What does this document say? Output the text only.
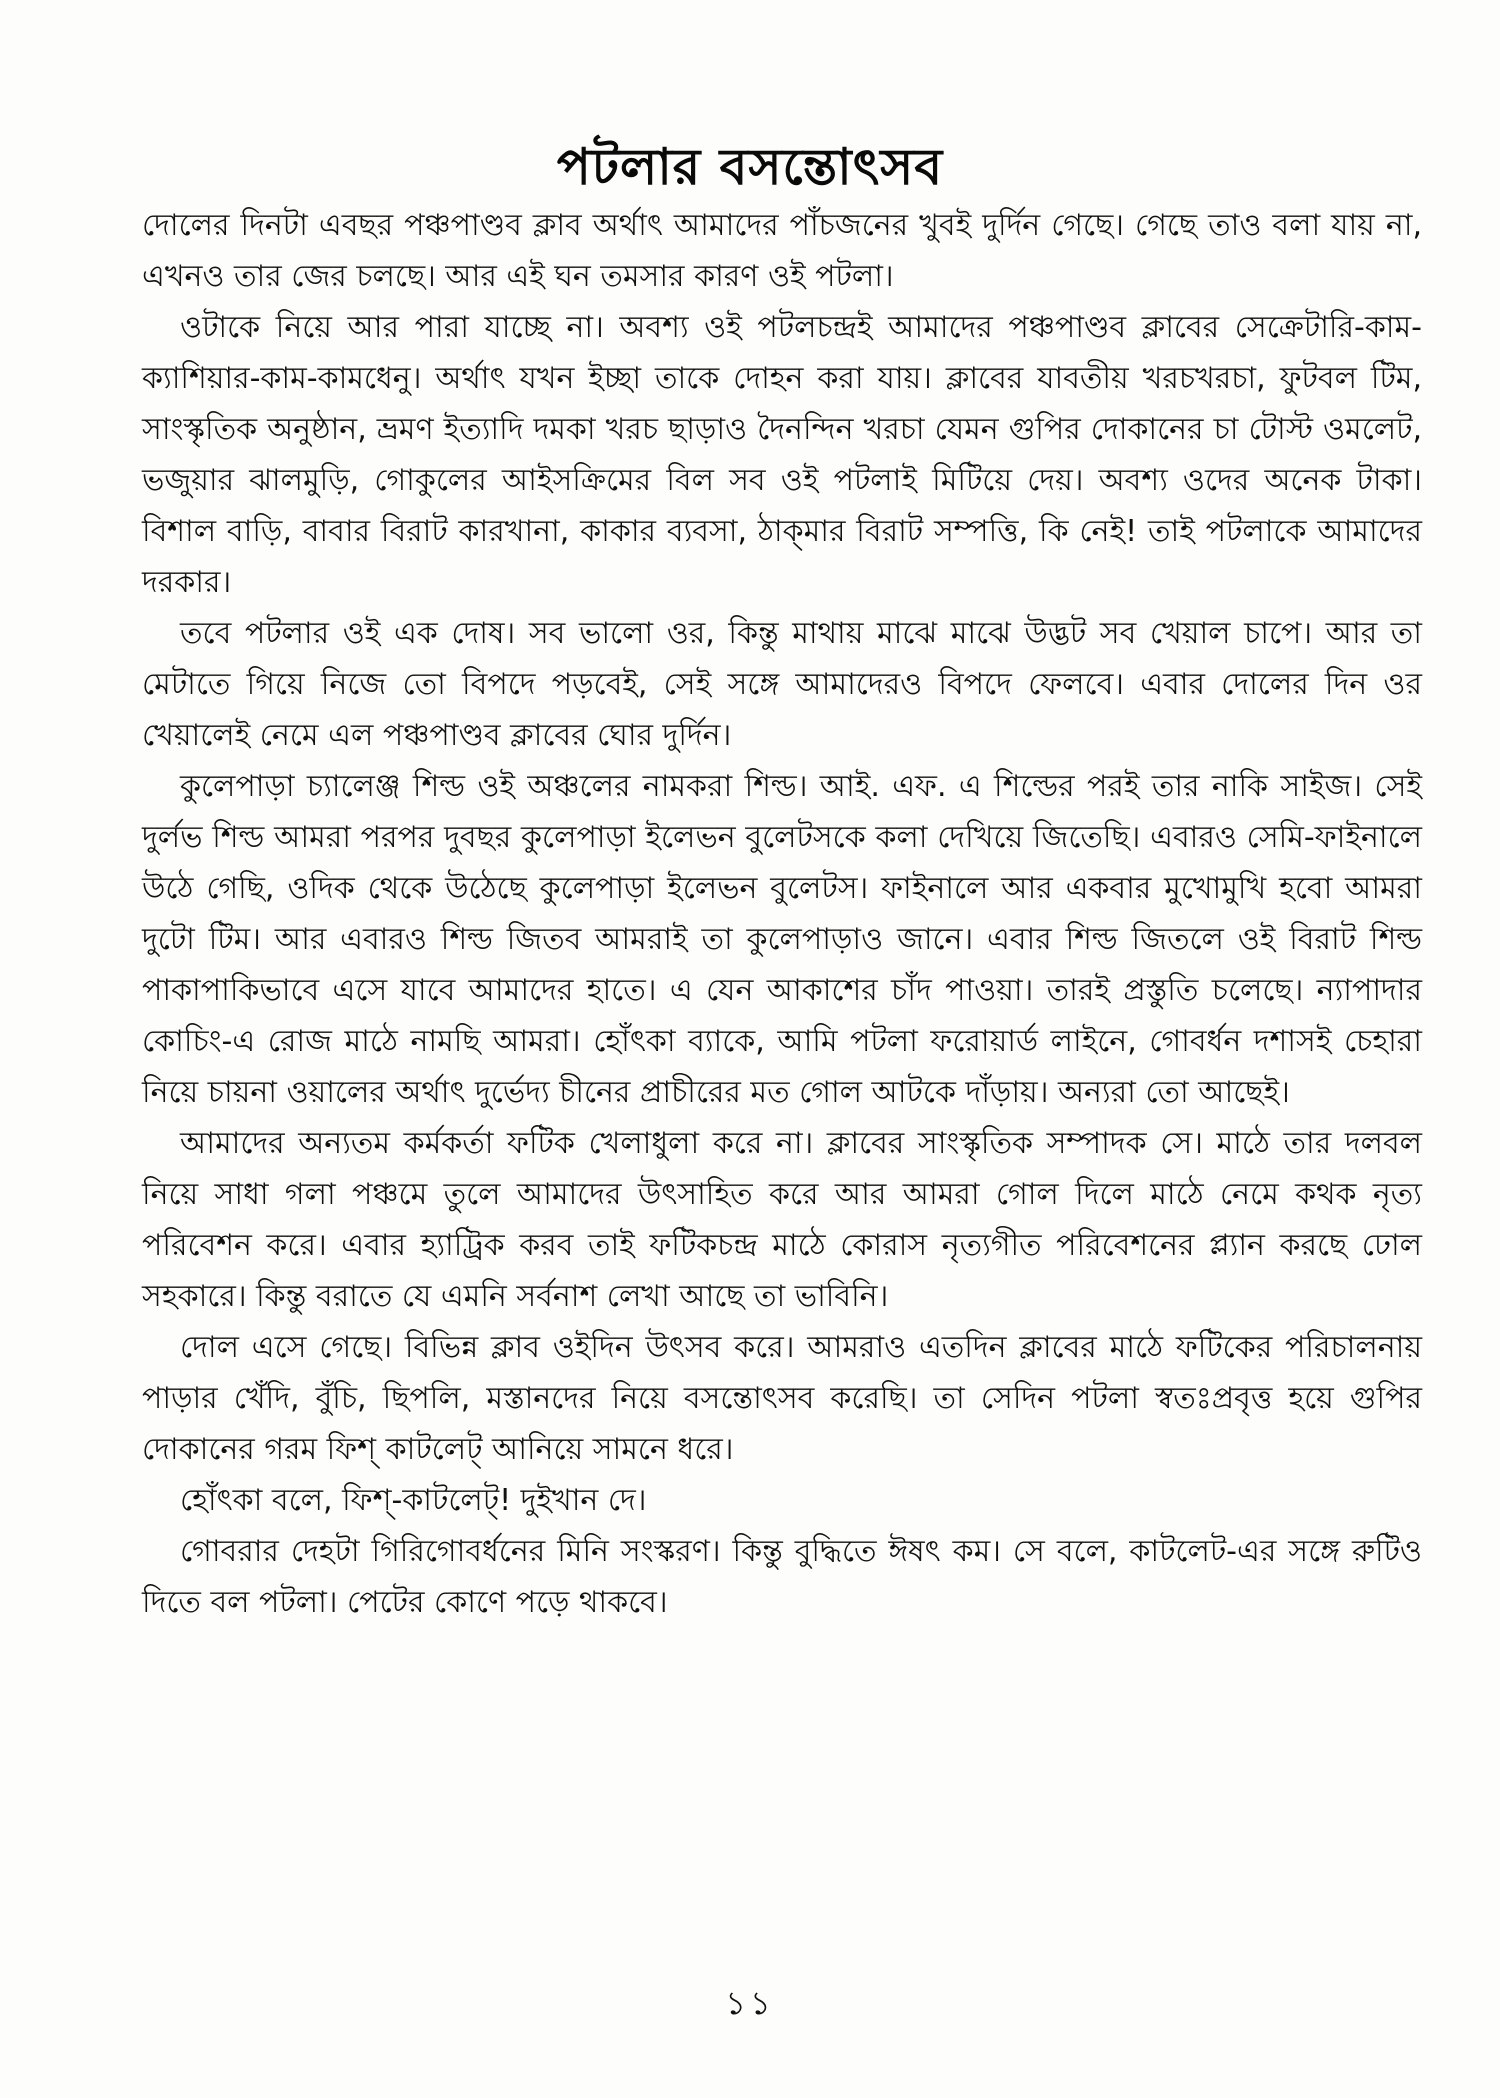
পটলার বসন্তোৎসব

দোলের দিনটা এবছর পঞ্চপাণ্ডব ক্লাব অর্থাৎ আমাদের পাঁচজনের খুবই দুর্দিন গেছে। গেছে তাও বলা যায় না, এখনও তার জের চলছে। আর এই ঘন তমসার কারণ ওই পটলা।

ওটাকে নিয়ে আর পারা যাচ্ছে না। অবশ্য ওই পটলচন্দ্রই আমাদের পঞ্চপাণ্ডব ক্লাবের সেক্রেটারি-কাম-ক্যাশিয়ার-কাম-কামধেনু। অর্থাৎ যখন ইচ্ছা তাকে দোহন করা যায়। ক্লাবের যাবতীয় খরচখরচা, ফুটবল টিম, সাংস্কৃতিক অনুষ্ঠান, ভ্রমণ ইত্যাদি দমকা খরচ ছাড়াও দৈনন্দিন খরচা যেমন গুপির দোকানের চা টোস্ট ওমলেট, ভজুয়ার ঝালমুড়ি, গোকুলের আইসক্রিমের বিল সব ওই পটলাই মিটিয়ে দেয়। অবশ্য ওদের অনেক টাকা। বিশাল বাড়ি, বাবার বিরাট কারখানা, কাকার ব্যবসা, ঠাক্‌মার বিরাট সম্পত্তি, কি নেই! তাই পটলাকে আমাদের দরকার।

তবে পটলার ওই এক দোষ। সব ভালো ওর, কিন্তু মাথায় মাঝে মাঝে উদ্ভট সব খেয়াল চাপে। আর তা মেটাতে গিয়ে নিজে তো বিপদে পড়বেই, সেই সঙ্গে আমাদেরও বিপদে ফেলবে। এবার দোলের দিন ওর খেয়ালেই নেমে এল পঞ্চপাণ্ডব ক্লাবের ঘোর দুর্দিন।

কুলেপাড়া চ্যালেঞ্জ শিল্ড ওই অঞ্চলের নামকরা শিল্ড। আই. এফ. এ শিল্ডের পরই তার নাকি সাইজ। সেই দুর্লভ শিল্ড আমরা পরপর দুবছর কুলেপাড়া ইলেভন বুলেটসকে কলা দেখিয়ে জিতেছি। এবারও সেমি-ফাইনালে উঠে গেছি, ওদিক থেকে উঠেছে কুলেপাড়া ইলেভন বুলেটস। ফাইনালে আর একবার মুখোমুখি হবো আমরা দুটো টিম। আর এবারও শিল্ড জিতব আমরাই তা কুলেপাড়াও জানে। এবার শিল্ড জিতলে ওই বিরাট শিল্ড পাকাপাকিভাবে এসে যাবে আমাদের হাতে। এ যেন আকাশের চাঁদ পাওয়া। তারই প্রস্তুতি চলেছে। ন্যাপাদার কোচিং-এ রোজ মাঠে নামছি আমরা। হোঁৎকা ব্যাকে, আমি পটলা ফরোয়ার্ড লাইনে, গোবর্ধন দশাসই চেহারা নিয়ে চায়না ওয়ালের অর্থাৎ দুর্ভেদ্য চীনের প্রাচীরের মত গোল আটকে দাঁড়ায়। অন্যরা তো আছেই।

আমাদের অন্যতম কর্মকর্তা ফটিক খেলাধুলা করে না। ক্লাবের সাংস্কৃতিক সম্পাদক সে। মাঠে তার দলবল নিয়ে সাধা গলা পঞ্চমে তুলে আমাদের উৎসাহিত করে আর আমরা গোল দিলে মাঠে নেমে কথক নৃত্য পরিবেশন করে। এবার হ্যাট্রিক করব তাই ফটিকচন্দ্র মাঠে কোরাস নৃত্যগীত পরিবেশনের প্ল্যান করছে ঢোল সহকারে। কিন্তু বরাতে যে এমনি সর্বনাশ লেখা আছে তা ভাবিনি।

দোল এসে গেছে। বিভিন্ন ক্লাব ওইদিন উৎসব করে। আমরাও এতদিন ক্লাবের মাঠে ফটিকের পরিচালনায় পাড়ার খেঁদি, বুঁচি, ছিপলি, মস্তানদের নিয়ে বসন্তোৎসব করেছি। তা সেদিন পটলা স্বতঃপ্রবৃত্ত হয়ে গুপির দোকানের গরম ফিশ্ কাটলেট্ আনিয়ে সামনে ধরে।

হোঁৎকা বলে, ফিশ্-কাটলেট্! দুইখান দে।

গোবরার দেহটা গিরিগোবর্ধনের মিনি সংস্করণ। কিন্তু বুদ্ধিতে ঈষৎ কম। সে বলে, কাটলেট-এর সঙ্গে রুটিও দিতে বল পটলা। পেটের কোণে পড়ে থাকবে।

১১
